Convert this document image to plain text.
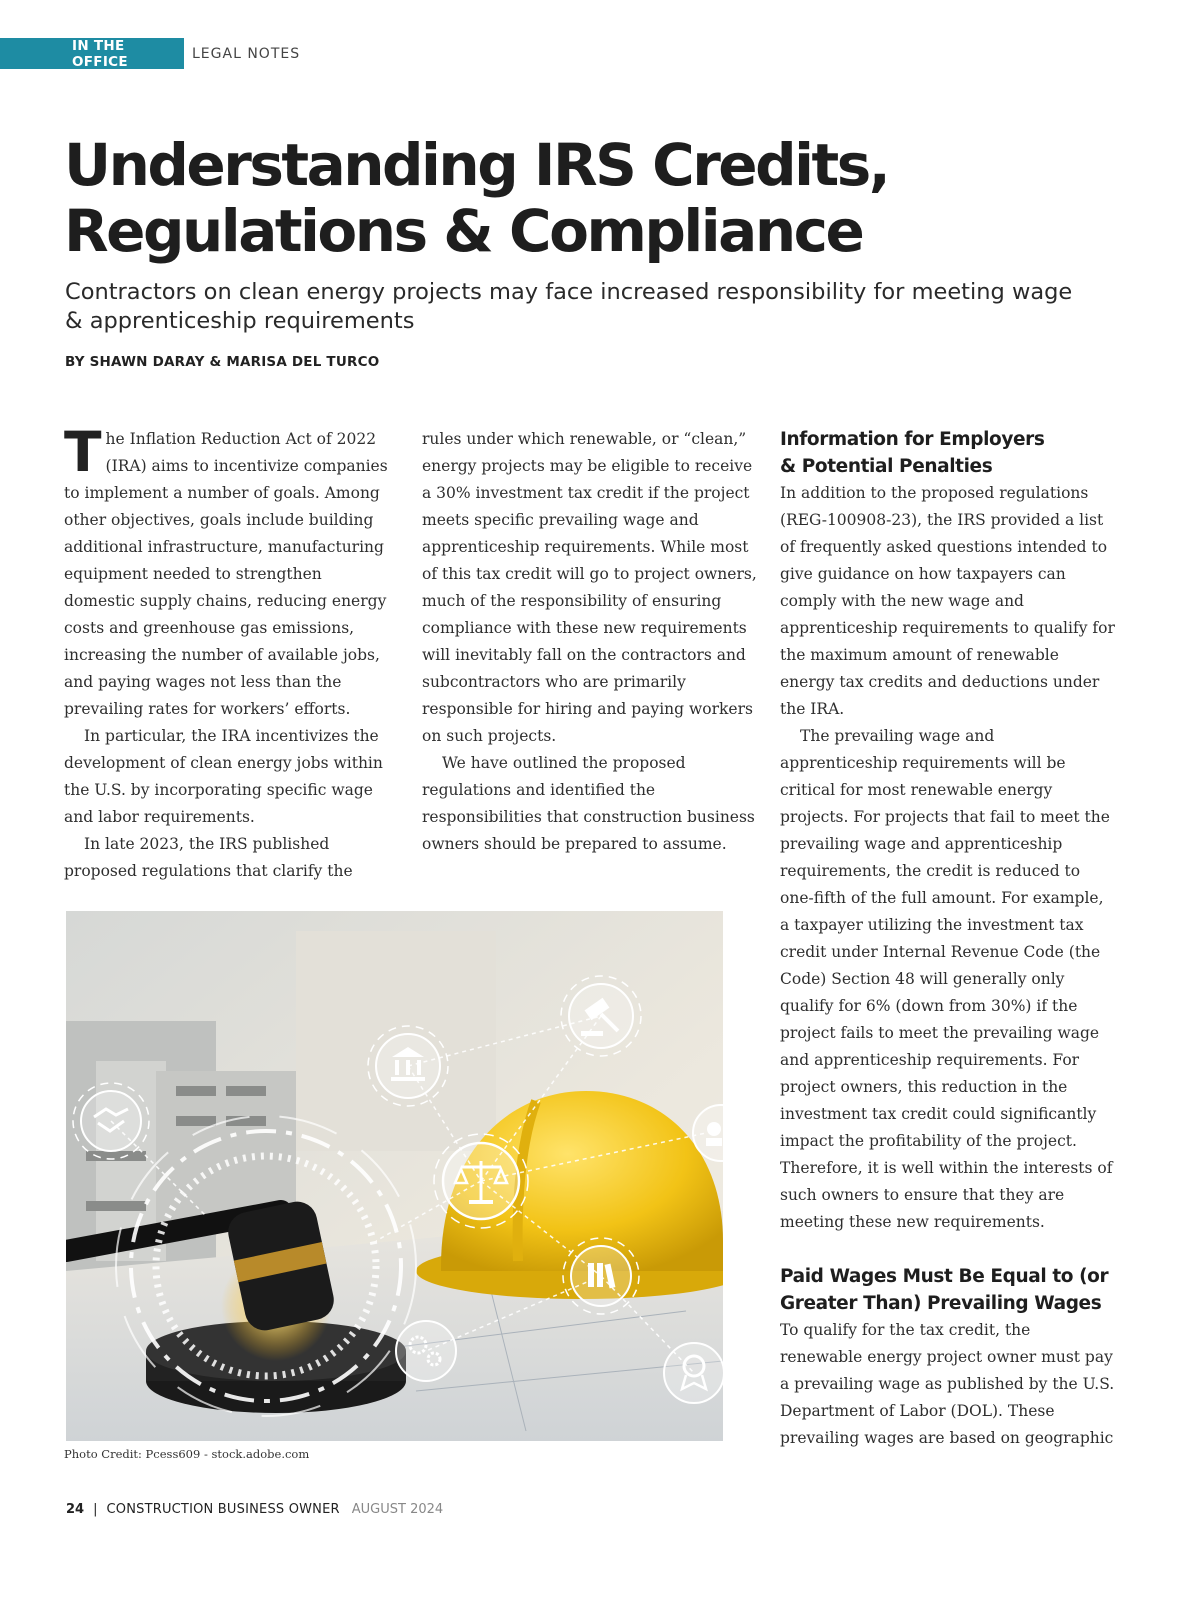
IN THE OFFICE	LEGAL NOTES
Understanding IRS Credits,
Regulations & Compliance

Contractors on clean energy projects may face increased responsibility for meeting wage & apprenticeship requirements

BY SHAWN DARAY & MARISA DEL TURCO

The Inflation Reduction Act of 2022 (IRA) aims to incentivize companies to implement a number of goals. Among other objectives, goals include building additional infrastructure, manufacturing equipment needed to strengthen domestic supply chains, reducing energy costs and greenhouse gas emissions, increasing the number of available jobs, and paying wages not less than the prevailing rates for workers’ efforts.

In particular, the IRA incentivizes the development of clean energy jobs within the U.S. by incorporating specific wage and labor requirements.

In late 2023, the IRS published proposed regulations that clarify the

rules under which renewable, or “clean,” energy projects may be eligible to receive a 30% investment tax credit if the project meets specific prevailing wage and apprenticeship requirements. While most of this tax credit will go to project owners, much of the responsibility of ensuring compliance with these new requirements will inevitably fall on the contractors and subcontractors who are primarily responsible for hiring and paying workers on such projects.

We have outlined the proposed regulations and identified the responsibilities that construction business owners should be prepared to assume.

Information for Employers
& Potential Penalties

In addition to the proposed regulations (REG-100908-23), the IRS provided a list of frequently asked questions intended to give guidance on how taxpayers can comply with the new wage and apprenticeship requirements to qualify for the maximum amount of renewable energy tax credits and deductions under the IRA.

The prevailing wage and apprenticeship requirements will be critical for most renewable energy projects. For projects that fail to meet the prevailing wage and apprenticeship requirements, the credit is reduced to one-fifth of the full amount. For example, a taxpayer utilizing the investment tax credit under Internal Revenue Code (the Code) Section 48 will generally only qualify for 6% (down from 30%) if the project fails to meet the prevailing wage and apprenticeship requirements. For project owners, this reduction in the investment tax credit could significantly impact the profitability of the project. Therefore, it is well within the interests of such owners to ensure that they are meeting these new requirements.

Paid Wages Must Be Equal to (or
Greater Than) Prevailing Wages

To qualify for the tax credit, the renewable energy project owner must pay a prevailing wage as published by the U.S. Department of Labor (DOL). These prevailing wages are based on geographic

Photo Credit: Pcess609 - stock.adobe.com

24 | CONSTRUCTION BUSINESS OWNER AUGUST 2024
